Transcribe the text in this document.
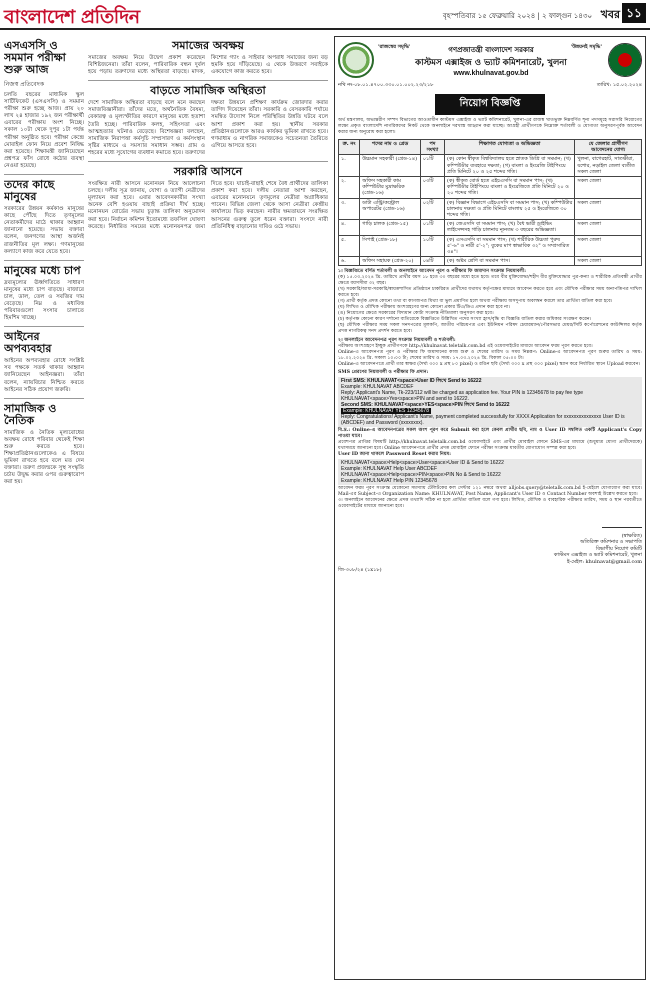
বাংলাদেশ প্রতিদিন	বৃহস্পতিবার ১৫ ফেব্রুয়ারি ২০২৪ | ২ ফাল্গুন ১৪৩০ খবর ১১
এসএসসি ও সমমান পরীক্ষা শুরু আজ
নিজস্ব প্রতিবেদক
চলতি বছরের মাধ্যমিক স্কুল সার্টিফিকেট (এসএসসি) ও সমমান পরীক্ষা শুরু হচ্ছে আজ। প্রায় ২০ লাখ ২৪ হাজার ১৯২ জন পরীক্ষার্থী এবারের পরীক্ষায় অংশ নিচ্ছে। সকাল ১০টা থেকে দুপুর ১টা পর্যন্ত পরীক্ষা অনুষ্ঠিত হবে। পরীক্ষা কেন্দ্রে মোবাইল ফোন নিয়ে প্রবেশ নিষিদ্ধ করা হয়েছে। শিক্ষামন্ত্রী জানিয়েছেন প্রশ্নপত্র ফাঁস রোধে কঠোর ব্যবস্থা নেওয়া হয়েছে।
তদের কাছে মানুষের
সরকারের উন্নয়ন কর্মকাণ্ড মানুষের কাছে পৌঁছে দিতে তৃণমূলের নেতাকর্মীদের মাঠে থাকার আহ্বান জানানো হয়েছে। সভায় বক্তারা বলেন, জনগণের আস্থা অর্জনই রাজনীতির মূল লক্ষ্য। গণমানুষের কল্যাণে কাজ করে যেতে হবে।
মানুষের মধ্যে চাপ
দ্রব্যমূল্যের ঊর্ধ্বগতিতে সাধারণ মানুষের মধ্যে চাপ বাড়ছে। বাজারে চাল, ডাল, তেল ও সবজির দাম বেড়েছে। নিম্ন ও মধ্যবিত্ত পরিবারগুলো সংসার চালাতে হিমশিম খাচ্ছে।
আইনের অপব্যবহার
আইনের অপব্যবহার রোধে সংশ্লিষ্ট সব পক্ষকে সতর্ক থাকার আহ্বান জানিয়েছেন আইনজ্ঞরা। তাঁরা বলেন, ন্যায়বিচার নিশ্চিত করতে আইনের সঠিক প্রয়োগ জরুরি।
সামাজিক ও নৈতিক
সামাজিক ও নৈতিক মূল্যবোধের অবক্ষয় রোধে পরিবার থেকেই শিক্ষা শুরু করতে হবে। শিক্ষাপ্রতিষ্ঠানগুলোকেও এ বিষয়ে ভূমিকা রাখতে হবে বলে মত দেন বক্তারা। তরুণ প্রজন্মকে সুস্থ সংস্কৃতি চর্চায় উদ্বুদ্ধ করার ওপর গুরুত্বারোপ করা হয়।
সমাজের অবক্ষয়
সমাজের অবক্ষয় নিয়ে উদ্বেগ প্রকাশ করেছেন বিশিষ্টজনেরা। তাঁরা বলেন, পারিবারিক বন্ধন দুর্বল হয়ে পড়ায় তরুণদের মধ্যে অস্থিরতা বাড়ছে। মাদক, কিশোর গ্যাং ও সাইবার অপরাধ সমাজের জন্য বড় হুমকি হয়ে দাঁড়িয়েছে। এ থেকে উত্তরণে সবাইকে একযোগে কাজ করতে হবে।
বাড়তে সামাজিক অস্থিরতা
দেশে সামাজিক অস্থিরতা বাড়ছে বলে মনে করছেন সমাজবিজ্ঞানীরা। তাঁদের মতে, অর্থনৈতিক বৈষম্য, বেকারত্ব ও মূল্যস্ফীতির কারণে মানুষের মধ্যে হতাশা তৈরি হচ্ছে। পারিবারিক কলহ, সহিংসতা এবং আত্মহত্যার ঘটনাও বেড়েছে। বিশেষজ্ঞরা বলছেন, সামাজিক নিরাপত্তা কর্মসূচি সম্প্রসারণ ও কর্মসংস্থান সৃষ্টির মাধ্যমে এ সমস্যার সমাধান সম্ভব। গ্রাম ও শহরের মধ্যে সুযোগের ব্যবধান কমাতে হবে। তরুণদের দক্ষতা উন্নয়নে প্রশিক্ষণ কার্যক্রম জোরদার করার তাগিদ দিয়েছেন তাঁরা। সরকারি ও বেসরকারি পর্যায়ে সমন্বিত উদ্যোগ নিলে পরিস্থিতির উন্নতি ঘটবে বলে আশা প্রকাশ করা হয়। স্থানীয় সরকার প্রতিষ্ঠানগুলোকে আরও কার্যকর ভূমিকা রাখতে হবে। গণমাধ্যম ও নাগরিক সমাজকেও সচেতনতা তৈরিতে এগিয়ে আসতে হবে।
সরকারি আসনে
সংরক্ষিত নারী আসনে মনোনয়ন নিয়ে আলোচনা চলছে। দলীয় সূত্র জানায়, যোগ্য ও ত্যাগী নেত্রীদের মূল্যায়ন করা হবে। এবার আবেদনকারীর সংখ্যা অনেক বেশি হওয়ায় বাছাই প্রক্রিয়া দীর্ঘ হচ্ছে। মনোনয়ন বোর্ডের সভায় চূড়ান্ত তালিকা অনুমোদন করা হবে। নির্বাচন কমিশন ইতোমধ্যে তফসিল ঘোষণা করেছে। নির্ধারিত সময়ের মধ্যে মনোনয়নপত্র জমা দিতে হবে। যাচাই-বাছাই শেষে বৈধ প্রার্থীদের তালিকা প্রকাশ করা হবে। দলীয় নেতারা আশা করছেন, এবারের মনোনয়নে তৃণমূলের নেত্রীরা অগ্রাধিকার পাবেন। বিভিন্ন জেলা থেকে আসা নেত্রীরা কেন্দ্রীয় কার্যালয়ে ভিড় করছেন। নারীর ক্ষমতায়নে সংরক্ষিত আসনের গুরুত্ব তুলে ধরেন বক্তারা। সংসদে নারী প্রতিনিধিত্ব বাড়ানোর দাবিও ওঠে সভায়।
'রাজস্বের সমৃদ্ধি'	'উন্নয়নই সমৃদ্ধি'
গণপ্রজাতন্ত্রী বাংলাদেশ সরকার
কাস্টমস এক্সাইজ ও ভ্যাট কমিশনারেট, খুলনা
www.khulnavat.gov.bd
নথি নং-০৮.০১.৪৭০০.৩৩০.০১.০০২.২৩/২১৮	তারিখ: ১৫.০২.২০২৪
নিয়োগ বিজ্ঞপ্তি
অর্থ মন্ত্রণালয়, অভ্যন্তরীণ সম্পদ বিভাগের আওতাধীন কাস্টমস এক্সাইজ ও ভ্যাট কমিশনারেট, খুলনা-এর রাজস্ব খাতভুক্ত নিম্নবর্ণিত শূন্য পদসমূহে সরাসরি নিয়োগের লক্ষ্যে প্রকৃত বাংলাদেশি নাগরিকদের নিকট থেকে অনলাইনে দরখাস্ত আহ্বান করা যাচ্ছে। আগ্রহী প্রার্থীগণকে নিম্নোক্ত শর্তাবলী ও যোগ্যতা অনুসরণপূর্বক আবেদন করার জন্য অনুরোধ করা হলো।
ক্র. নং	পদের নাম ও গ্রেড	পদ সংখ্যা	শিক্ষাগত যোগ্যতা ও অভিজ্ঞতা	যে জেলার প্রার্থীগণ আবেদনের যোগ্য
১.	উচ্চমান সহকারী (গ্রেড-১৪)	০১টি	(ক) কোন স্বীকৃত বিশ্ববিদ্যালয় হতে স্নাতক ডিগ্রি বা সমমান; (খ) কম্পিউটার ব্যবহারে দক্ষতা; (গ) বাংলা ও ইংরেজি টাইপিংয়ে প্রতি মিনিটে ২০ ও ২৫ শব্দের গতি।	খুলনা, বাগেরহাট, সাতক্ষীরা, যশোর, নড়াইল জেলা ব্যতীত সকল জেলা
২.	অফিস সহকারী কাম কম্পিউটার মুদ্রাক্ষরিক (গ্রেড-১৬)	০৩টি	(ক) স্বীকৃত বোর্ড হতে এইচএসসি বা সমমান পাস; (খ) কম্পিউটার টাইপিংয়ে বাংলা ও ইংরেজিতে প্রতি মিনিটে ২০ ও ২০ শব্দের গতি।	সকল জেলা
৩.	ডাটা এন্ট্রি/কন্ট্রোল অপারেটর (গ্রেড-১৬)	০২টি	(ক) বিজ্ঞান বিভাগে এইচএসসি বা সমমান পাস; (খ) কম্পিউটার চালনায় দক্ষতা ও প্রতি মিনিটে বাংলায় ২৫ ও ইংরেজিতে ৩০ শব্দের গতি।	সকল জেলা
৪.	গাড়ি চালক (গ্রেড-১৫)	০১টি	(ক) জেএসসি বা সমমান পাস; (খ) বৈধ ভারী ড্রাইভিং লাইসেন্সসহ গাড়ি চালনায় ন্যূনতম ৩ বছরের অভিজ্ঞতা।	সকল জেলা
৫.	সিপাই (গ্রেড-১৮)	১০টি	(ক) এসএসসি বা সমমান পাস; (খ) শারীরিক উচ্চতা পুরুষ ৫'-৬" ও নারী ৫'-২"; বুকের মাপ স্বাভাবিক ৩২" ও সম্প্রসারিত ৩৪"।	সকল জেলা
৬.	অফিস সহায়ক (গ্রেড-২০)	০৪টি	(ক) অষ্টম শ্রেণি বা সমমান পাস।	সকল জেলা
১। বিজ্ঞপ্তিতে বর্ণিত শর্তাবলী ও অনলাইনে আবেদন পূরণ ও পরীক্ষার ফি জমাদান সংক্রান্ত নিয়মাবলী:
(ক) ১৫.০৩.২০২৪ খ্রি. তারিখে প্রার্থীর বয়স ১৮ হতে ৩০ বছরের মধ্যে হতে হবে। তবে বীর মুক্তিযোদ্ধা/শহীদ বীর মুক্তিযোদ্ধার পুত্র-কন্যা ও শারীরিক প্রতিবন্ধী প্রার্থীর ক্ষেত্রে বয়সসীমা ৩২ বছর।
(খ) সরকারি/আধা-সরকারি/স্বায়ত্তশাসিত প্রতিষ্ঠানে চাকরিরত প্রার্থীদের যথাযথ কর্তৃপক্ষের মাধ্যমে আবেদন করতে হবে এবং মৌখিক পরীক্ষার সময় অনাপত্তিপত্র দাখিল করতে হবে।
(গ) প্রার্থী কর্তৃক প্রদত্ত কোনো তথ্য বা কাগজপত্র মিথ্যা বা ভুল প্রমাণিত হলে অথবা পরীক্ষায় অসদুপায় অবলম্বন করলে তার প্রার্থিতা বাতিল করা হবে।
(ঘ) লিখিত ও মৌখিক পরীক্ষায় অংশগ্রহণের জন্য কোনো প্রকার টিএ/ডিএ প্রদান করা হবে না।
(ঙ) নিয়োগের ক্ষেত্রে সরকারের বিদ্যমান কোটা সংক্রান্ত নীতিমালা অনুসরণ করা হবে।
(চ) কর্তৃপক্ষ কোনো কারণ দর্শানো ব্যতিরেকে বিজ্ঞপ্তিতে উল্লিখিত পদের সংখ্যা হ্রাস/বৃদ্ধি বা বিজ্ঞপ্তি বাতিল করার অধিকার সংরক্ষণ করেন।
(ছ) মৌখিক পরীক্ষার সময় সকল সনদপত্রের মূলকপি, জাতীয় পরিচয়পত্র এবং ইউনিয়ন পরিষদ চেয়ারম্যান/পৌরসভার মেয়র/সিটি কর্পোরেশনের কাউন্সিলর কর্তৃক প্রদত্ত নাগরিকত্ব সনদ প্রদর্শন করতে হবে।
২। অনলাইনে আবেদনপত্র পূরণ সংক্রান্ত নিয়মাবলী ও শর্তাবলী:
পরীক্ষায় অংশগ্রহণে ইচ্ছুক প্রার্থীগণকে http://khulnavat.teletalk.com.bd এই ওয়েবসাইটের মাধ্যমে আবেদন ফরম পূরণ করতে হবে।
Online-এ আবেদনপত্র পূরণ ও পরীক্ষার ফি জমাদানের কাজ শুরু ও শেষের তারিখ ও সময় নিম্নরূপ: Online-এ আবেদনপত্র পূরণ শুরুর তারিখ ও সময়: ১৮.০২.২০২৪ খ্রি. সকাল ১০:০০ টা; শেষের তারিখ ও সময়: ১৭.০৩.২০২৪ খ্রি. বিকাল ০৫:০০ টা।
Online-এ আবেদনপত্রে প্রার্থী তার স্বাক্ষর (দৈর্ঘ্য ৩০০ x প্রস্থ ৮০ pixel) ও রঙিন ছবি (দৈর্ঘ্য ৩০০ x প্রস্থ ৩০০ pixel) স্ক্যান করে নির্ধারিত স্থানে Upload করবেন।
SMS প্রেরণের নিয়মাবলী ও পরীক্ষার ফি প্রদান:
First SMS: KHULNAVAT<space>User ID লিখে Send to 16222
Example: KHULNAVAT ABCDEF
Reply: Applicant's Name, Tk-223/112 will be charged as application fee. Your PIN is 12345678 to pay fee type KHULNAVAT<space>Yes<space>PIN and send to 16222.
Second SMS: KHULNAVAT<space>YES<space>PIN লিখে Send to 16222
Example: KHULNAVAT YES 12345678
Reply: Congratulations! Applicant's Name, payment completed successfully for XXXX Application for xxxxxxxxxxxxxxx User ID is (ABCDEF) and Password (xxxxxxxx).
বি.দ্র.: Online-এ আবেদনপত্রের সকল অংশ পূরণ করে Submit করা হলে কেবল প্রার্থীর ছবি, নাম ও User ID সম্বলিত একটি Applicant's Copy পাওয়া যাবে।
প্রবেশপত্র প্রাপ্তির বিষয়টি http://khulnavat.teletalk.com.bd ওয়েবসাইটে এবং প্রার্থীর মোবাইল ফোনে SMS-এর মাধ্যমে (শুধুমাত্র যোগ্য প্রার্থীদেরকে) যথাসময়ে জানানো হবে। Online আবেদনপত্রে প্রার্থীর প্রদত্ত মোবাইল ফোনে পরীক্ষা সংক্রান্ত যাবতীয় যোগাযোগ সম্পন্ন করা হবে।
User ID জানা থাকলে Password Reset করার নিয়ম:
KHULNAVAT<space>Help<space>User<space>User ID & Send to 16222
Example: KHULNAVAT Help User ABCDEF
KHULNAVAT<space>Help<space>PIN<space>PIN No & Send to 16222
Example: KHULNAVAT Help PIN 12345678
আবেদন ফরম পূরণ সংক্রান্ত যেকোনো সমস্যায় টেলিটকের কল সেন্টার ১২১ নম্বরে অথবা alljobs.query@teletalk.com.bd ই-মেইলে যোগাযোগ করা যাবে। Mail-এর Subject-এ Organization Name: KHULNAVAT, Post Name, Applicant's User ID ও Contact Number অবশ্যই উল্লেখ করতে হবে।
৩। অনলাইনে আবেদনের ক্ষেত্রে প্রদত্ত তথ্যাদি সঠিক না হলে প্রার্থিতা বাতিল বলে গণ্য হবে। লিখিত, মৌখিক ও ব্যবহারিক পরীক্ষার তারিখ, সময় ও স্থান পরবর্তীতে ওয়েবসাইটের মাধ্যমে জানানো হবে।
(স্বাক্ষরিত)
অতিরিক্ত কমিশনার ও সভাপতি
বিভাগীয় নিয়োগ কমিটি
কাস্টমস এক্সাইজ ও ভ্যাট কমিশনারেট, খুলনা
ই-মেইল: khulnavat@gmail.com
জি-৩০৮/২৪ (১x১৮)
